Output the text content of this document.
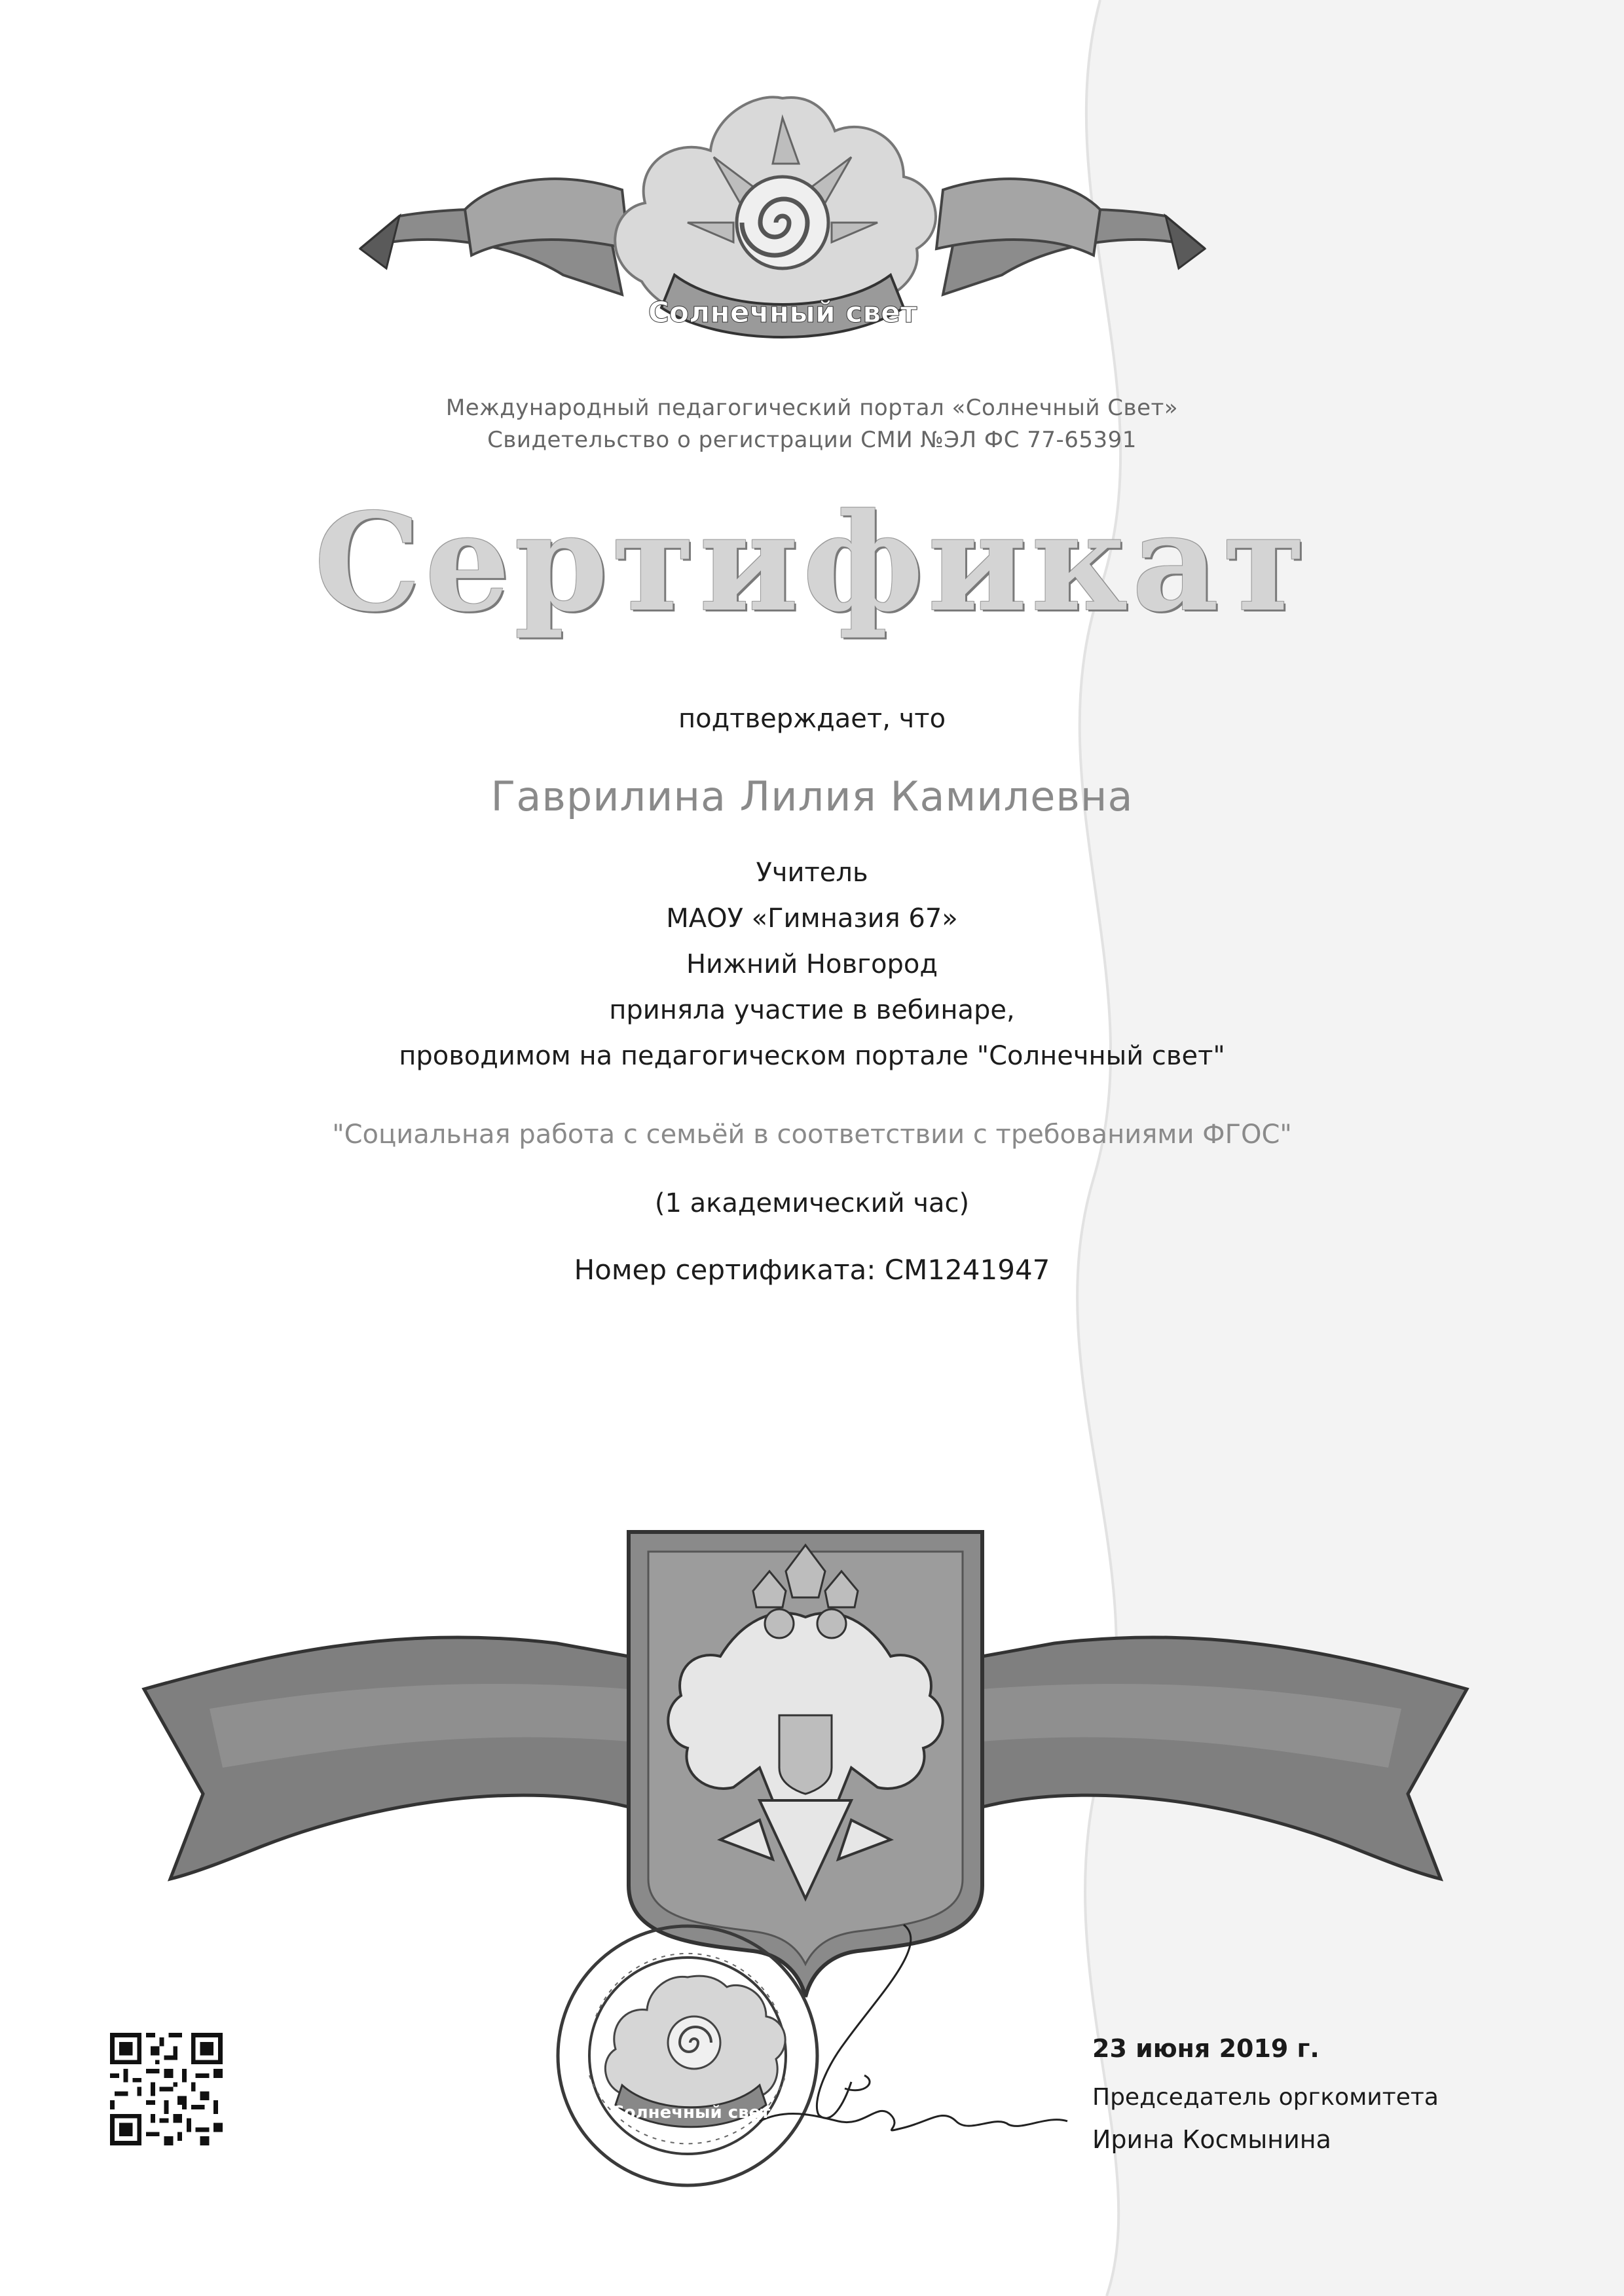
Солнечный свет
Международный педагогический портал «Солнечный Свет»
Свидетельство о регистрации СМИ №ЭЛ ФС 77-65391
Сертификат
подтверждает, что
Гаврилина Лилия Камилевна
Учитель
МАОУ «Гимназия 67»
Нижний Новгород
приняла участие в вебинаре,
проводимом на педагогическом портале "Солнечный свет"
"Социальная работа с семьёй в соответствии с требованиями ФГОС"
(1 академический час)
Номер сертификата: СМ1241947
Солнечный свет
23 июня 2019 г.
Председатель оргкомитета
Ирина Космынина
